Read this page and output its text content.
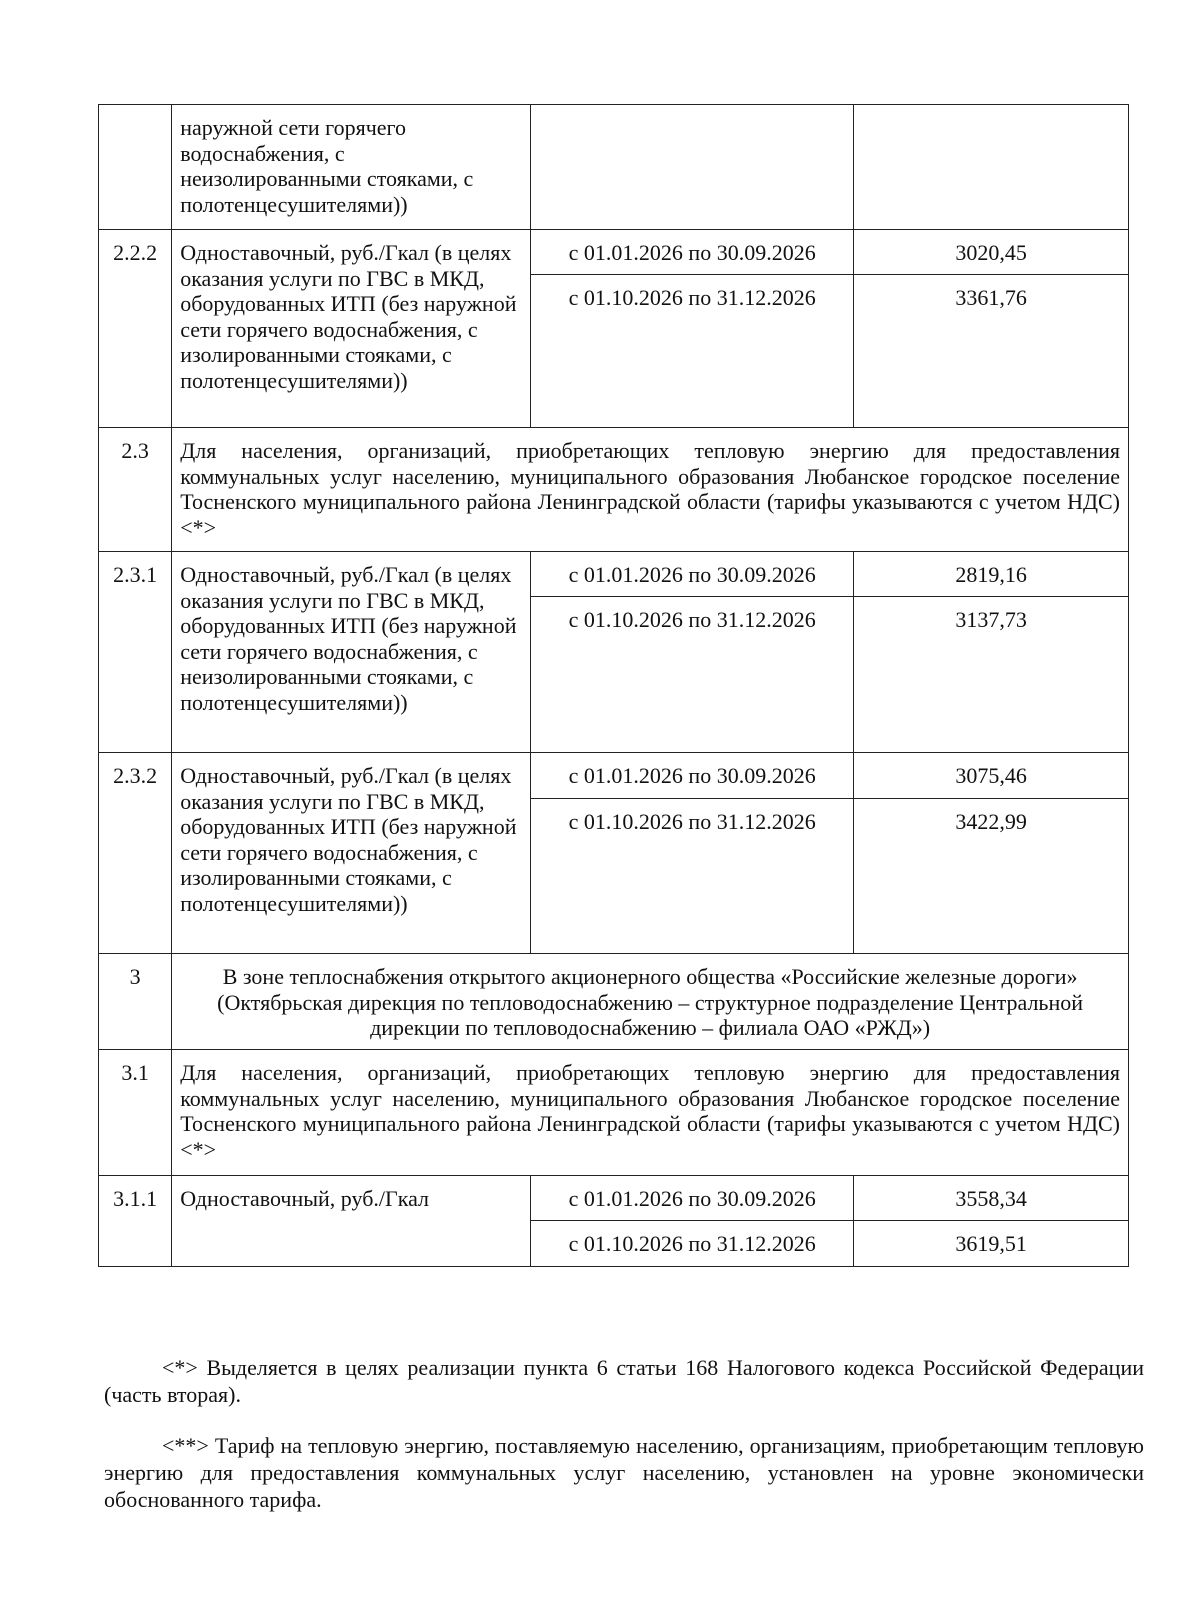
	наружной сети горячего водоснабжения, с неизолированными стояками, с полотенцесушителями))		
2.2.2	Одноставочный, руб./Гкал (в целях оказания услуги по ГВС в МКД, оборудованных ИТП (без наружной сети горячего водоснабжения, с изолированными стояками, с полотенцесушителями))	с 01.01.2026 по 30.09.2026	3020,45
		с 01.10.2026 по 31.12.2026	3361,76
2.3	Для населения, организаций, приобретающих тепловую энергию для предоставления коммунальных услуг населению, муниципального образования Любанское городское поселение Тосненского муниципального района Ленинградской области (тарифы указываются с учетом НДС) <*>		
2.3.1	Одноставочный, руб./Гкал (в целях оказания услуги по ГВС в МКД, оборудованных ИТП (без наружной сети горячего водоснабжения, с неизолированными стояками, с полотенцесушителями))	с 01.01.2026 по 30.09.2026	2819,16
		с 01.10.2026 по 31.12.2026	3137,73
2.3.2	Одноставочный, руб./Гкал (в целях оказания услуги по ГВС в МКД, оборудованных ИТП (без наружной сети горячего водоснабжения, с изолированными стояками, с полотенцесушителями))	с 01.01.2026 по 30.09.2026	3075,46
		с 01.10.2026 по 31.12.2026	3422,99
3	В зоне теплоснабжения открытого акционерного общества «Российские железные дороги» (Октябрьская дирекция по тепловодоснабжению – структурное подразделение Центральной дирекции по тепловодоснабжению – филиала ОАО «РЖД»)		
3.1	Для населения, организаций, приобретающих тепловую энергию для предоставления коммунальных услуг населению, муниципального образования Любанское городское поселение Тосненского муниципального района Ленинградской области (тарифы указываются с учетом НДС) <*>		
3.1.1	Одноставочный, руб./Гкал	с 01.01.2026 по 30.09.2026	3558,34
		с 01.10.2026 по 31.12.2026	3619,51

<*> Выделяется в целях реализации пункта 6 статьи 168 Налогового кодекса Российской Федерации (часть вторая).

<**> Тариф на тепловую энергию, поставляемую населению, организациям, приобретающим тепловую энергию для предоставления коммунальных услуг населению, установлен на уровне экономически обоснованного тарифа.
